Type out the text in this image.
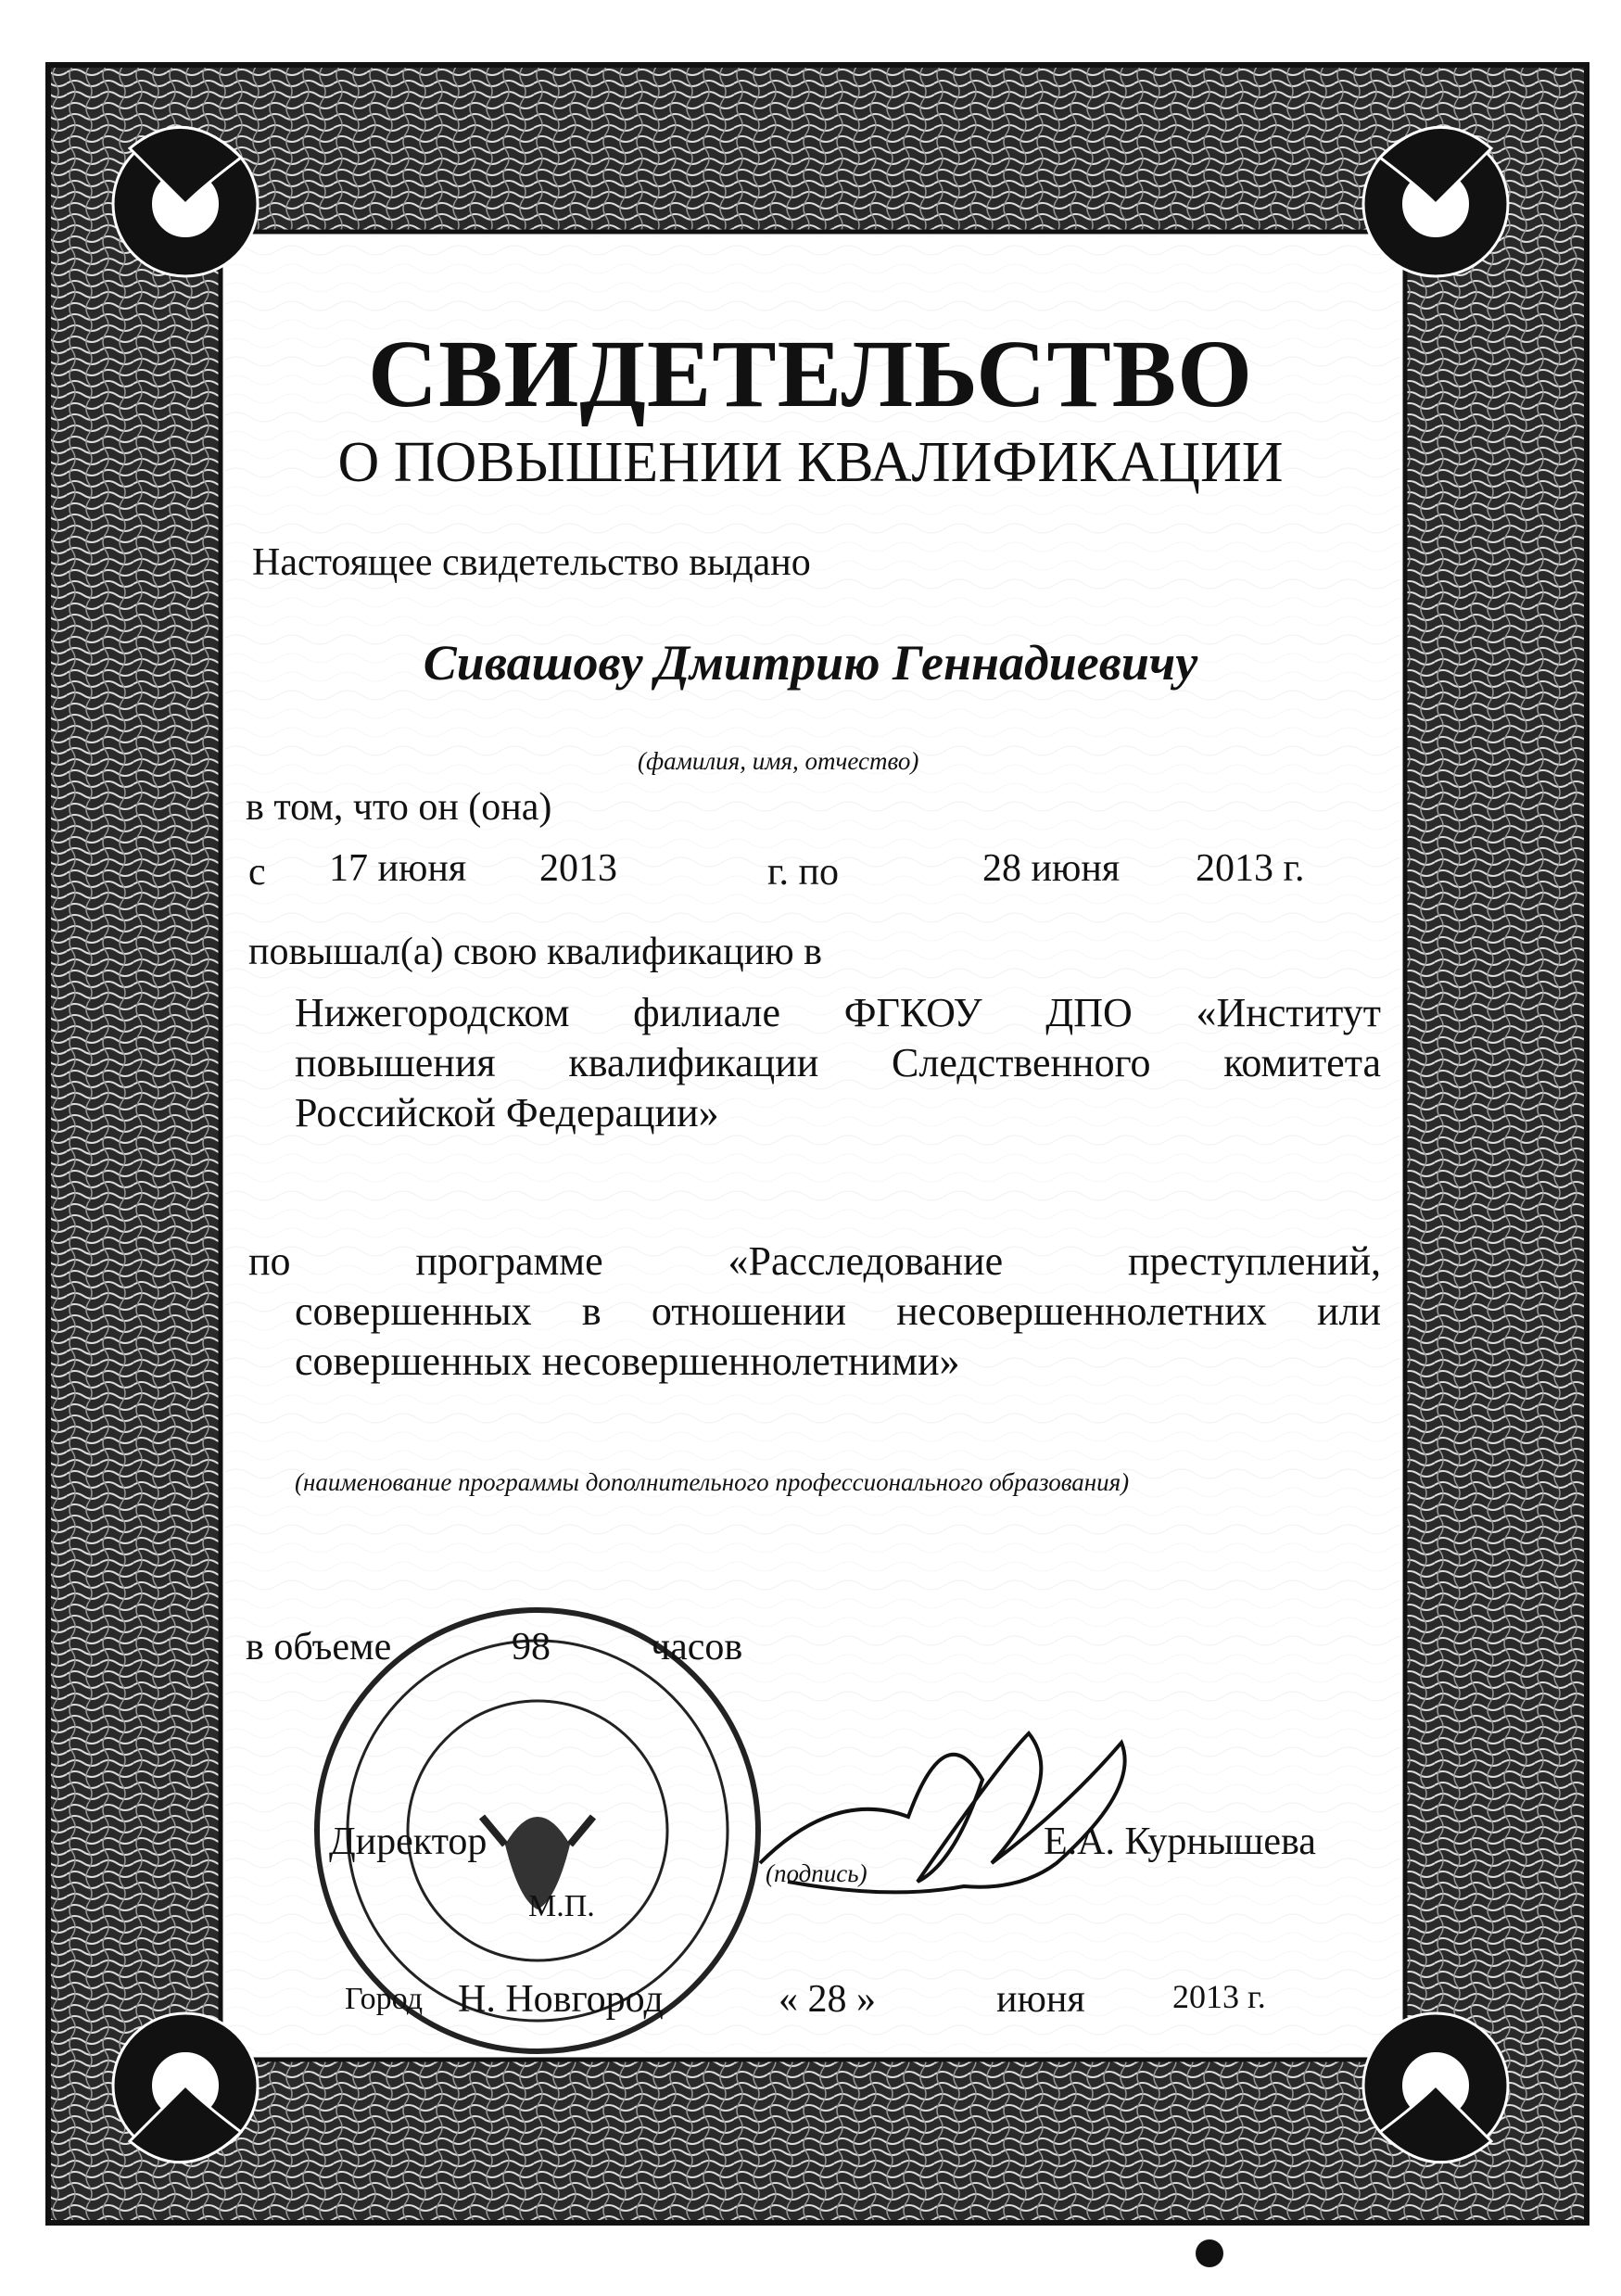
СВИДЕТЕЛЬСТВО
О ПОВЫШЕНИИ КВАЛИФИКАЦИИ
Настоящее свидетельство выдано
Сивашову Дмитрию Геннадиевичу
(фамилия, имя, отчество)
в том, что он (она)
с 17 июня 2013	г. по	28 июня 2013 г.
повышал(а) свою квалификацию в
Нижегородском филиале ФГКОУ ДПО «Институт
повышения квалификации Следственного комитета
Российской Федерации»
по программе «Расследование преступлений,
совершенных в отношении несовершеннолетних или
совершенных несовершеннолетними»
(наименование программы дополнительного профессионального образования)
в объеме	98	часов
Директор
(подпись)
Е.А. Курнышева
М.П.
Город Н. Новгород	« 28 »	июня	2013 г.
